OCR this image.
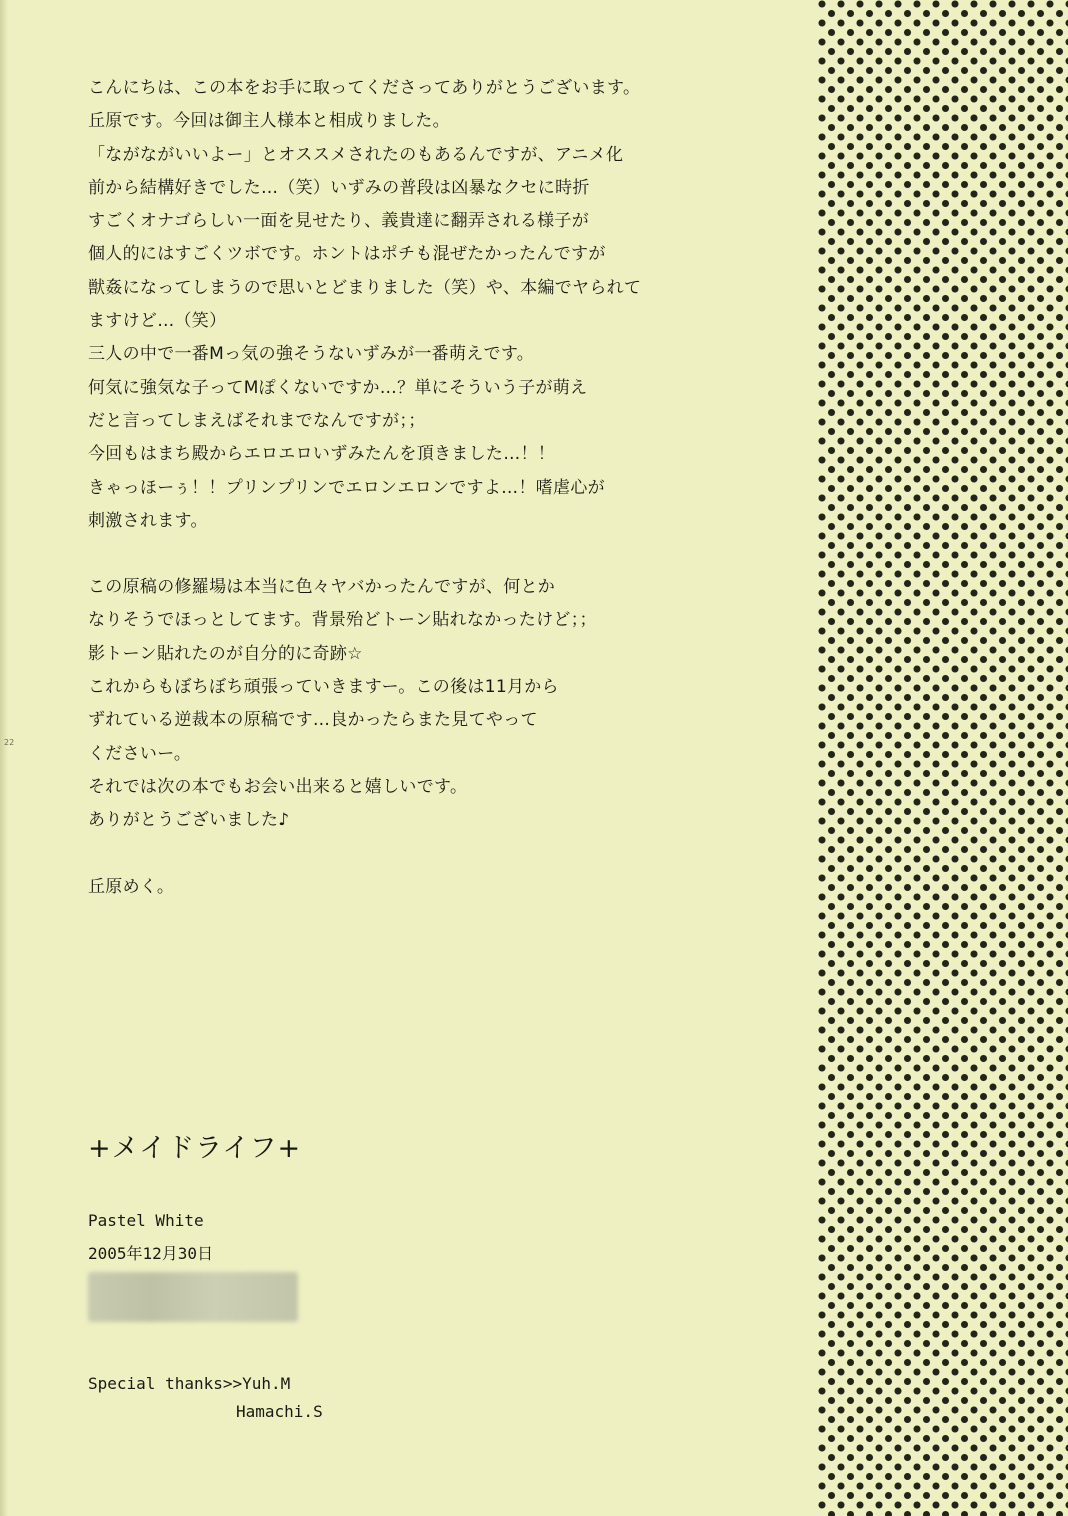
22
こんにちは、この本をお手に取ってくださってありがとうございます。
丘原です。今回は御主人様本と相成りました。
「ながながいいよー」とオススメされたのもあるんですが、アニメ化
前から結構好きでした…（笑）いずみの普段は凶暴なクセに時折
すごくオナゴらしい一面を見せたり、義貴達に翻弄される様子が
個人的にはすごくツボです。ホントはポチも混ぜたかったんですが
獣姦になってしまうので思いとどまりました（笑）や、本編でヤられて
ますけど…（笑）
三人の中で一番Mっ気の強そうないずみが一番萌えです。
何気に強気な子ってMぽくないですか…？単にそういう子が萌え
だと言ってしまえばそれまでなんですが；；
今回もはまち殿からエロエロいずみたんを頂きました…！！
きゃっほーぅ！！プリンプリンでエロンエロンですよ…！嗜虐心が
刺激されます。
この原稿の修羅場は本当に色々ヤバかったんですが、何とか
なりそうでほっとしてます。背景殆どトーン貼れなかったけど；；
影トーン貼れたのが自分的に奇跡☆
これからもぼちぼち頑張っていきますー。この後は11月から
ずれている逆裁本の原稿です…良かったらまた見てやって
くださいー。
それでは次の本でもお会い出来ると嬉しいです。
ありがとうございました♪
丘原めく。
+メイドライフ+
Pastel White
2005年12月30日
Special thanks>>Yuh.M
Hamachi.S
